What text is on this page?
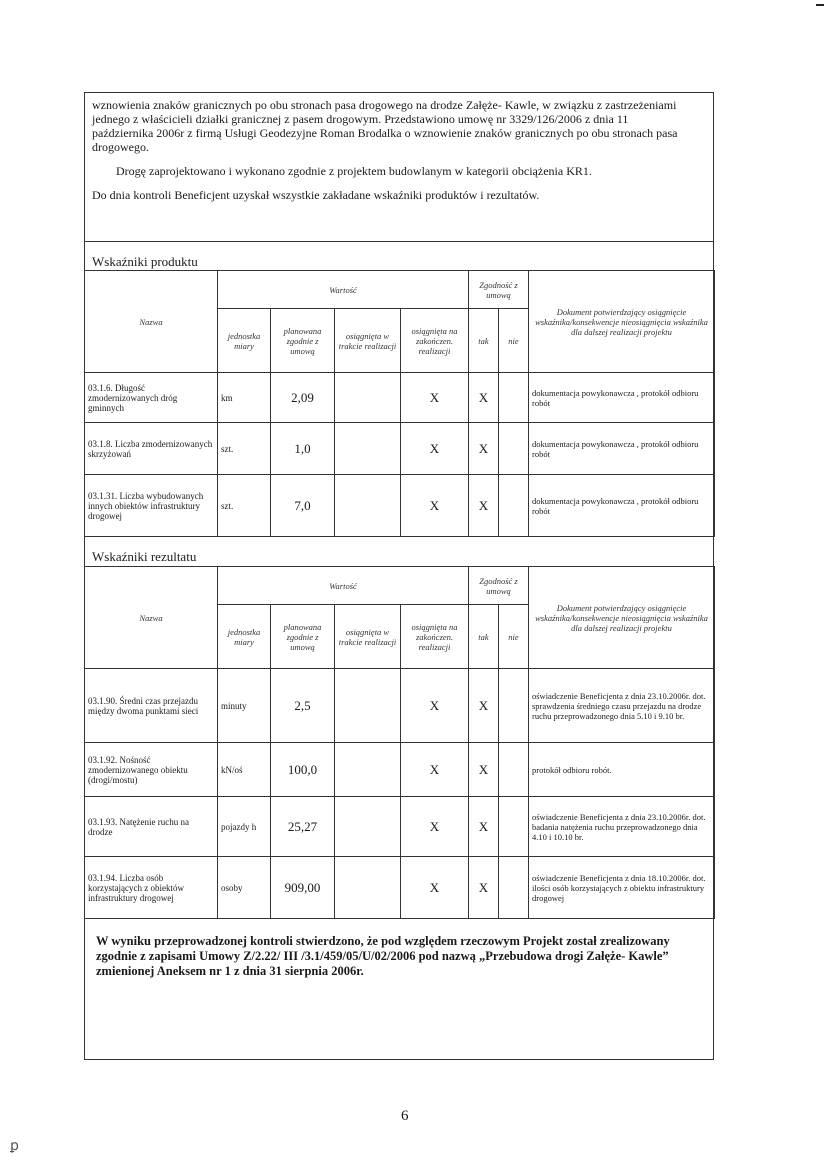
wznowienia znaków granicznych po obu stronach pasa drogowego na drodze Załęże- Kawle, w związku z zastrzeżeniami jednego z właścicieli działki granicznej z pasem drogowym. Przedstawiono umowę nr 3329/126/2006 z dnia 11 października 2006r z firmą Usługi Geodezyjne Roman Brodalka o wznowienie znaków granicznych po obu stronach pasa drogowego.

Drogę zaprojektowano i wykonano zgodnie z projektem budowlanym w kategorii obciążenia KR1.

Do dnia kontroli Beneficjent uzyskał wszystkie zakładane wskaźniki produktów i rezultatów.

Wskaźniki produktu
Nazwa	Wartość				Zgodność z umową		Dokument potwierdzający osiągnięcie wskaźnika/konsekwencje nieosiągnięcia wskaźnika dla dalszej realizacji projektu
	jednostka miary	planowana zgodnie z umową	osiągnięta w trakcie realizacji	osiągnięta na zakończen. realizacji	tak	nie	
03.1.6. Długość zmodernizowanych dróg gminnych	km	2,09		X	X		dokumentacja powykonawcza , protokół odbioru robót
03.1.8. Liczba zmodernizowanych skrzyżowań	szt.	1,0		X	X		dokumentacja powykonawcza , protokół odbioru robót
03.1.31. Liczba wybudowanych innych obiektów infrastruktury drogowej	szt.	7,0		X	X		dokumentacja powykonawcza , protokół odbioru robót
Wskaźniki rezultatu
Nazwa	Wartość				Zgodność z umową		Dokument potwierdzający osiągnięcie wskaźnika/konsekwencje nieosiągnięcia wskaźnika dla dalszej realizacji projektu
	jednostka miary	planowana zgodnie z umową	osiągnięta w trakcie realizacji	osiągnięta na zakończen. realizacji	tak	nie	
03.1.90. Średni czas przejazdu między dwoma punktami sieci	minuty	2,5		X	X		oświadczenie Beneficjenta z dnia 23.10.2006r. dot. sprawdzenia średniego czasu przejazdu na drodze ruchu przeprowadzonego dnia 5.10 i 9.10 br.
03.1.92. Nośność zmodernizowanego obiektu (drogi/mostu)	kN/oś	100,0		X	X		protokół odbioru robót.
03.1.93. Natężenie ruchu na drodze	pojazdy h	25,27		X	X		oświadczenie Beneficjenta z dnia 23.10.2006r. dot. badania natężenia ruchu przeprowadzonego dnia 4.10 i 10.10 br.
03.1.94. Liczba osób korzystających z obiektów infrastruktury drogowej	osoby	909,00		X	X		oświadczenie Beneficjenta z dnia 18.10.2006r. dot. ilości osób korzystających z obiektu infrastruktury drogowej
W wyniku przeprowadzonej kontroli stwierdzono, że pod względem rzeczowym Projekt został zrealizowany zgodnie z zapisami Umowy Z/2.22/ III /3.1/459/05/U/02/2006 pod nazwą „Przebudowa drogi Załęże- Kawle” zmienionej Aneksem nr 1 z dnia 31 sierpnia 2006r.
6
ꝑ
